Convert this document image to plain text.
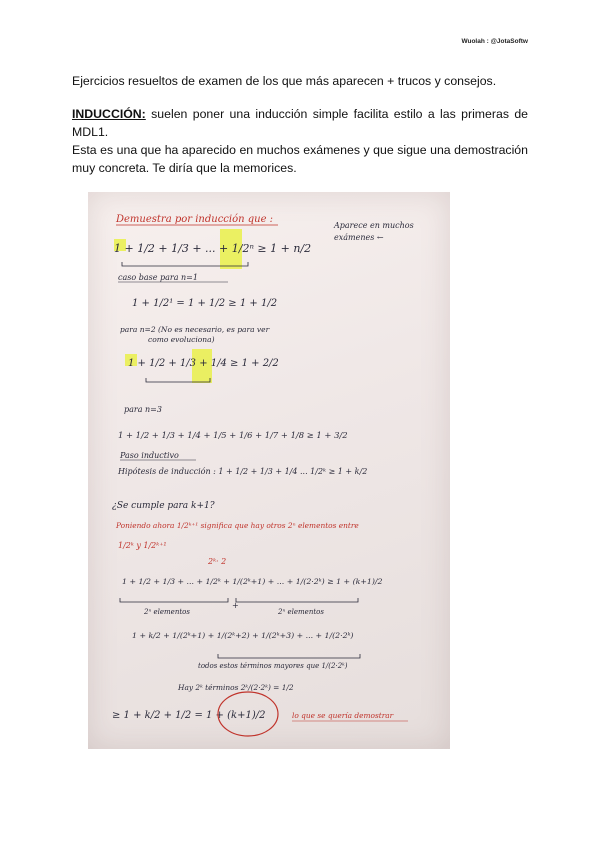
Wuolah : @JotaSoftw

Ejercicios resueltos de examen de los que más aparecen + trucos y consejos.

INDUCCIÓN: suelen poner una inducción simple facilita estilo a las primeras de MDL1.

Esta es una que ha aparecido en muchos exámenes y que sigue una demostración muy concreta. Te diría que la memorices.

Demuestra por inducción que :
Aparece en muchos
exámenes ←
1 + 1/2 + 1/3 + ... + 1/2ⁿ ≥ 1 + n/2
caso base para n=1
1 + 1/2¹ = 1 + 1/2 ≥ 1 + 1/2
para n=2 (No es necesario, es para ver
como evoluciona)
1 + 1/2 + 1/3 + 1/4 ≥ 1 + 2/2
para n=3
1 + 1/2 + 1/3 + 1/4 + 1/5 + 1/6 + 1/7 + 1/8 ≥ 1 + 3/2
Paso inductivo
Hipótesis de inducción : 1 + 1/2 + 1/3 + 1/4 ... 1/2ᵏ ≥ 1 + k/2
¿Se cumple para k+1?
Poniendo ahora 1/2ᵏ⁺¹ significa que hay otros 2ⁿ elementos entre
1/2ᵏ y 1/2ᵏ⁺¹
2ᵏ· 2
1 + 1/2 + 1/3 + ... + 1/2ᵏ + 1/(2ᵏ+1) + ... + 1/(2·2ᵏ) ≥ 1 + (k+1)/2
2ⁿ elementos
+
2ⁿ elementos
1 + k/2 + 1/(2ᵏ+1) + 1/(2ᵏ+2) + 1/(2ᵏ+3) + ... + 1/(2·2ᵏ)
todos estos términos mayores que 1/(2·2ᵏ)
Hay 2ᵏ términos 2ᵏ/(2·2ᵏ) = 1/2
≥ 1 + k/2 + 1/2 = 1 + (k+1)/2	lo que se quería demostrar
